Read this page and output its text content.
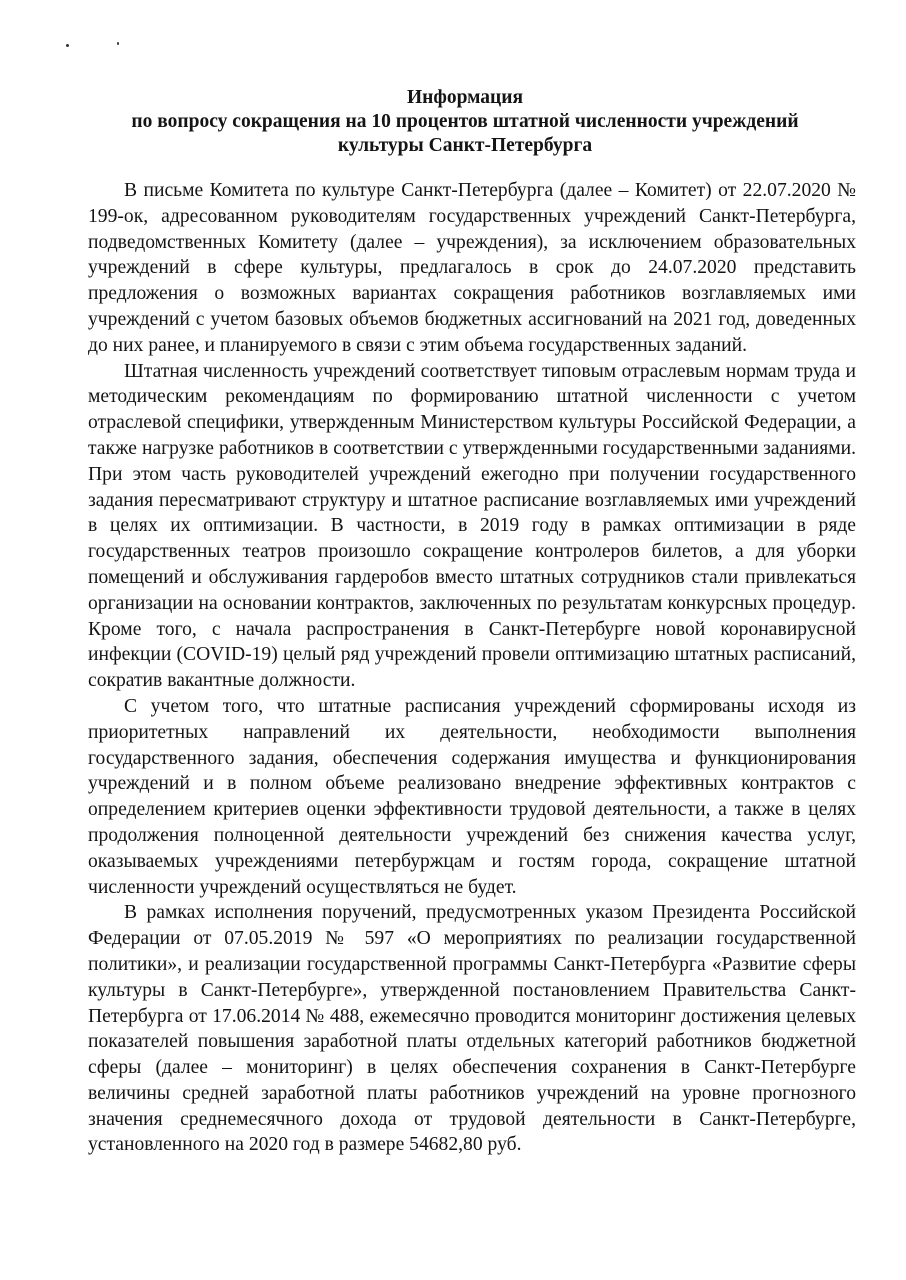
Информация
по вопросу сокращения на 10 процентов штатной численности учреждений
культуры Санкт-Петербурга

В письме Комитета по культуре Санкт-Петербурга (далее – Комитет) от 22.07.2020 № 199-ок, адресованном руководителям государственных учреждений Санкт-Петербурга, подведомственных Комитету (далее – учреждения), за исключением образовательных учреждений в сфере культуры, предлагалось в срок до 24.07.2020 представить предложения о возможных вариантах сокращения работников возглавляемых ими учреждений с учетом базовых объемов бюджетных ассигнований на 2021 год, доведенных до них ранее, и планируемого в связи с этим объема государственных заданий.

Штатная численность учреждений соответствует типовым отраслевым нормам труда и методическим рекомендациям по формированию штатной численности с учетом отраслевой специфики, утвержденным Министерством культуры Российской Федерации, а также нагрузке работников в соответствии с утвержденными государственными заданиями. При этом часть руководителей учреждений ежегодно при получении государственного задания пересматривают структуру и штатное расписание возглавляемых ими учреждений в целях их оптимизации. В частности, в 2019 году в рамках оптимизации в ряде государственных театров произошло сокращение контролеров билетов, а для уборки помещений и обслуживания гардеробов вместо штатных сотрудников стали привлекаться организации на основании контрактов, заключенных по результатам конкурсных процедур. Кроме того, с начала распространения в Санкт-Петербурге новой коронавирусной инфекции (COVID-19) целый ряд учреждений провели оптимизацию штатных расписаний, сократив вакантные должности.

С учетом того, что штатные расписания учреждений сформированы исходя из приоритетных направлений их деятельности, необходимости выполнения государственного задания, обеспечения содержания имущества и функционирования учреждений и в полном объеме реализовано внедрение эффективных контрактов с определением критериев оценки эффективности трудовой деятельности, а также в целях продолжения полноценной деятельности учреждений без снижения качества услуг, оказываемых учреждениями петербуржцам и гостям города, сокращение штатной численности учреждений осуществляться не будет.

В рамках исполнения поручений, предусмотренных указом Президента Российской Федерации от 07.05.2019 № 597 «О мероприятиях по реализации государственной политики», и реализации государственной программы Санкт-Петербурга «Развитие сферы культуры в Санкт-Петербурге», утвержденной постановлением Правительства Санкт-Петербурга от 17.06.2014 № 488, ежемесячно проводится мониторинг достижения целевых показателей повышения заработной платы отдельных категорий работников бюджетной сферы (далее – мониторинг) в целях обеспечения сохранения в Санкт-Петербурге величины средней заработной платы работников учреждений на уровне прогнозного значения среднемесячного дохода от трудовой деятельности в Санкт-Петербурге, установленного на 2020 год в размере 54682,80 руб.
